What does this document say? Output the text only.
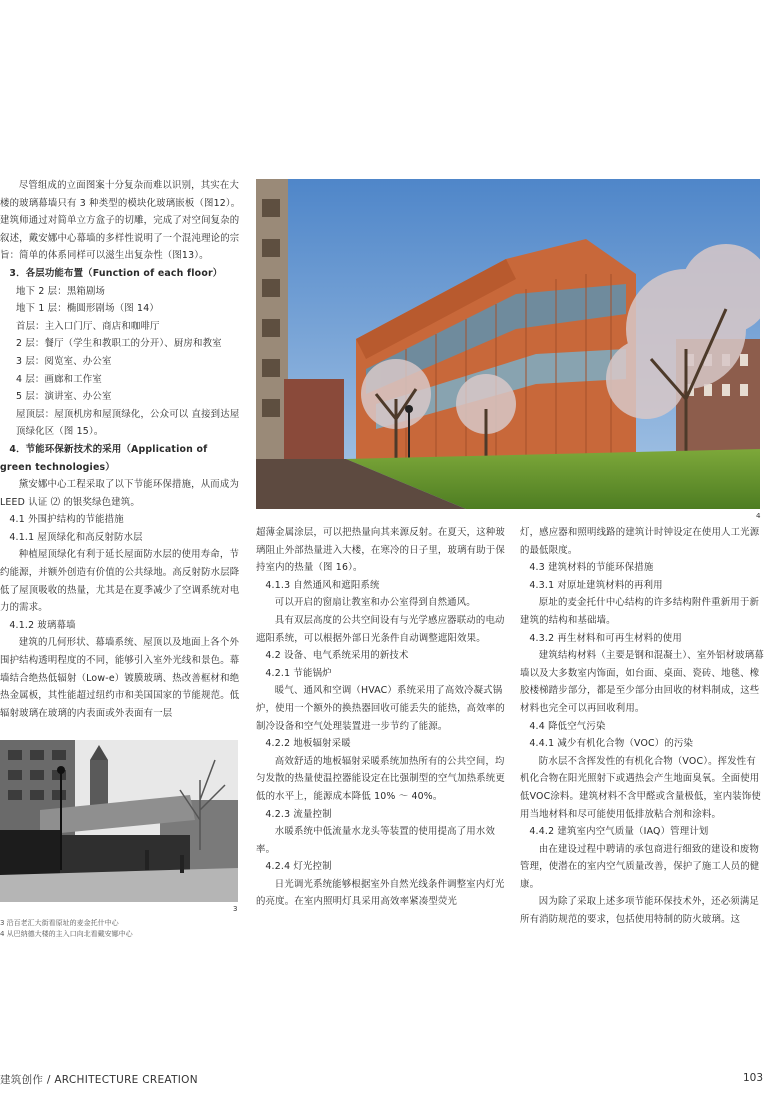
尽管组成的立面图案十分复杂而难以识别，其实在大楼的玻璃幕墙只有 3 种类型的模块化玻璃嵌板（图12）。建筑师通过对简单立方盒子的切雕，完成了对空间复杂的叙述，戴安娜中心幕墙的多样性说明了一个混沌理论的宗旨：简单的体系同样可以滋生出复杂性（图13）。

3．各层功能布置（Function of each floor）

地下 2 层：黑箱剧场

地下 1 层：椭圆形剧场（图 14）

首层：主入口门厅、商店和咖啡厅

2 层：餐厅（学生和教职工的分开）、厨房和教室

3 层：阅览室、办公室

4 层：画廊和工作室

5 层：演讲室、办公室

屋顶层：屋顶机房和屋顶绿化，公众可以 直接到达屋顶绿化区（图 15）。

4．节能环保新技术的采用（Application of green technologies）

黛安娜中心工程采取了以下节能环保措施，从而成为 LEED 认证 ⑵ 的银奖绿色建筑。

4.1 外围护结构的节能措施

4.1.1 屋顶绿化和高反射防水层

种植屋顶绿化有利于延长屋面防水层的使用寿命，节约能源，并额外创造有价值的公共绿地。高反射防水层降低了屋顶吸收的热量，尤其是在夏季减少了空调系统对电力的需求。

4.1.2 玻璃幕墙

建筑的几何形状、幕墙系统、屋顶以及地面上各个外围护结构透明程度的不同，能够引入室外光线和景色。幕墙结合绝热低辐射（Low-e）镀膜玻璃、热改善框材和绝热金属板，其性能超过纽约市和美国国家的节能规范。低辐射玻璃在玻璃的内表面或外表面有一层

4

超薄金属涂层，可以把热量向其来源反射。在夏天，这种玻璃阻止外部热量进入大楼，在寒冷的日子里，玻璃有助于保持室内的热量（图 16）。

4.1.3 自然通风和遮阳系统

可以开启的窗扇让教室和办公室得到自然通风。

具有双层高度的公共空间设有与光学感应器联动的电动遮阳系统，可以根据外部日光条件自动调整遮阳效果。

4.2 设备、电气系统采用的新技术

4.2.1 节能锅炉

暖气、通风和空调（HVAC）系统采用了高效冷凝式锅炉，使用一个额外的换热器回收可能丢失的能热，高效率的制冷设备和空气处理装置进一步节约了能源。

4.2.2 地板辐射采暖

高效舒适的地板辐射采暖系统加热所有的公共空间，均匀发散的热量使温控器能设定在比强制型的空气加热系统更低的水平上，能源成本降低 10% ～ 40%。

4.2.3 流量控制

水暖系统中低流量水龙头等装置的使用提高了用水效率。

4.2.4 灯光控制

日光调光系统能够根据室外自然光线条件调整室内灯光的亮度。在室内照明灯具采用高效率紧凑型荧光

灯，感应器和照明线路的建筑计时钟设定在使用人工光源的最低限度。

4.3 建筑材料的节能环保措施

4.3.1 对原址建筑材料的再利用

原址的麦金托什中心结构的许多结构附件重新用于新建筑的结构和基础墙。

4.3.2 再生材料和可再生材料的使用

建筑结构材料（主要是钢和混凝土）、室外铝材玻璃幕墙以及大多数室内饰面，如台面、桌面、瓷砖、地毯、橡胶楼梯踏步部分，都是至少部分由回收的材料制成，这些材料也完全可以再回收利用。

4.4 降低空气污染

4.4.1 减少有机化合物（VOC）的污染

防水层不含挥发性的有机化合物（VOC）。挥发性有机化合物在阳光照射下或遇热会产生地面臭氧。全面使用低VOC涂料。建筑材料不含甲醛或含量极低，室内装饰使用当地材料和尽可能使用低排放粘合剂和涂料。

4.4.2 建筑室内空气质量（IAQ）管理计划

由在建设过程中聘请的承包商进行细致的建设和废物管理，使潜在的室内空气质量改善，保护了施工人员的健康。

因为除了采取上述多项节能环保技术外，还必须满足所有消防规范的要求，包括使用特制的防火玻璃。这

3
3 沿百老汇大街看原址的麦金托什中心
4 从巴纳德大楼的主入口向北看戴安娜中心
建筑创作 / ARCHITECTURE CREATION	103
